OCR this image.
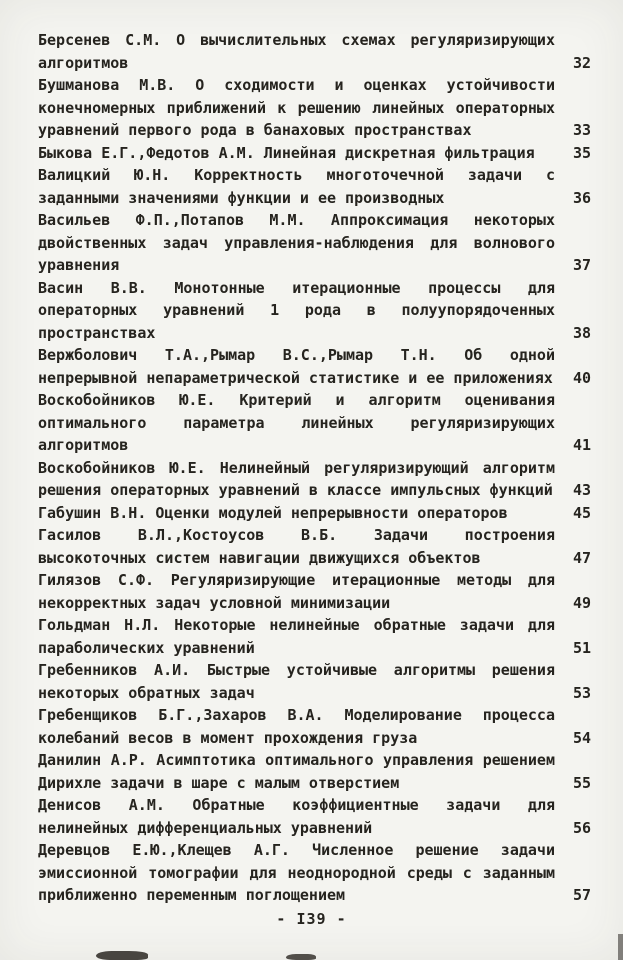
Берсенев С.М. О вычислительных схемах регуляризирующих алгоритмов	32
Бушманова М.В. О сходимости и оценках устойчивости конечномерных приближений к решению линейных операторных уравнений первого рода в банаховых пространствах	33
Быкова Е.Г.,Федотов А.М. Линейная дискретная фильтрация	35
Валицкий Ю.Н. Корректность многоточечной задачи с заданными значениями функции и ее производных	36
Васильев Ф.П.,Потапов М.М. Аппроксимация некоторых двойственных задач управления-наблюдения для волнового уравнения	37
Васин В.В. Монотонные итерационные процессы для операторных уравнений 1 рода в полуупорядоченных пространствах	38
Вержболович Т.А.,Рымар В.С.,Рымар Т.Н. Об одной непрерывной непараметрической статистике и ее приложениях 40
Воскобойников Ю.Е. Критерий и алгоритм оценивания оптимального параметра линейных регуляризирующих алгоритмов	41
Воскобойников Ю.Е. Нелинейный регуляризирующий алгоритм решения операторных уравнений в классе импульсных функций 43
Габушин В.Н. Оценки модулей непрерывности операторов	45
Гасилов В.Л.,Костоусов В.Б. Задачи построения высокоточных систем навигации движущихся объектов	47
Гилязов С.Ф. Регуляризирующие итерационные методы для некорректных задач условной минимизации	49
Гольдман Н.Л. Некоторые нелинейные обратные задачи для параболических уравнений	51
Гребенников А.И. Быстрые устойчивые алгоритмы решения некоторых обратных задач	53
Гребенщиков Б.Г.,Захаров В.А. Моделирование процесса колебаний весов в момент прохождения груза	54
Данилин А.Р. Асимптотика оптимального управления решением Дирихле задачи в шаре с малым отверстием	55
Денисов А.М. Обратные коэффициентные задачи для нелинейных дифференциальных уравнений	56
Деревцов Е.Ю.,Клещев А.Г. Численное решение задачи эмиссионной томографии для неоднородной среды с заданным приближенно переменным поглощением	57
- I39 -
